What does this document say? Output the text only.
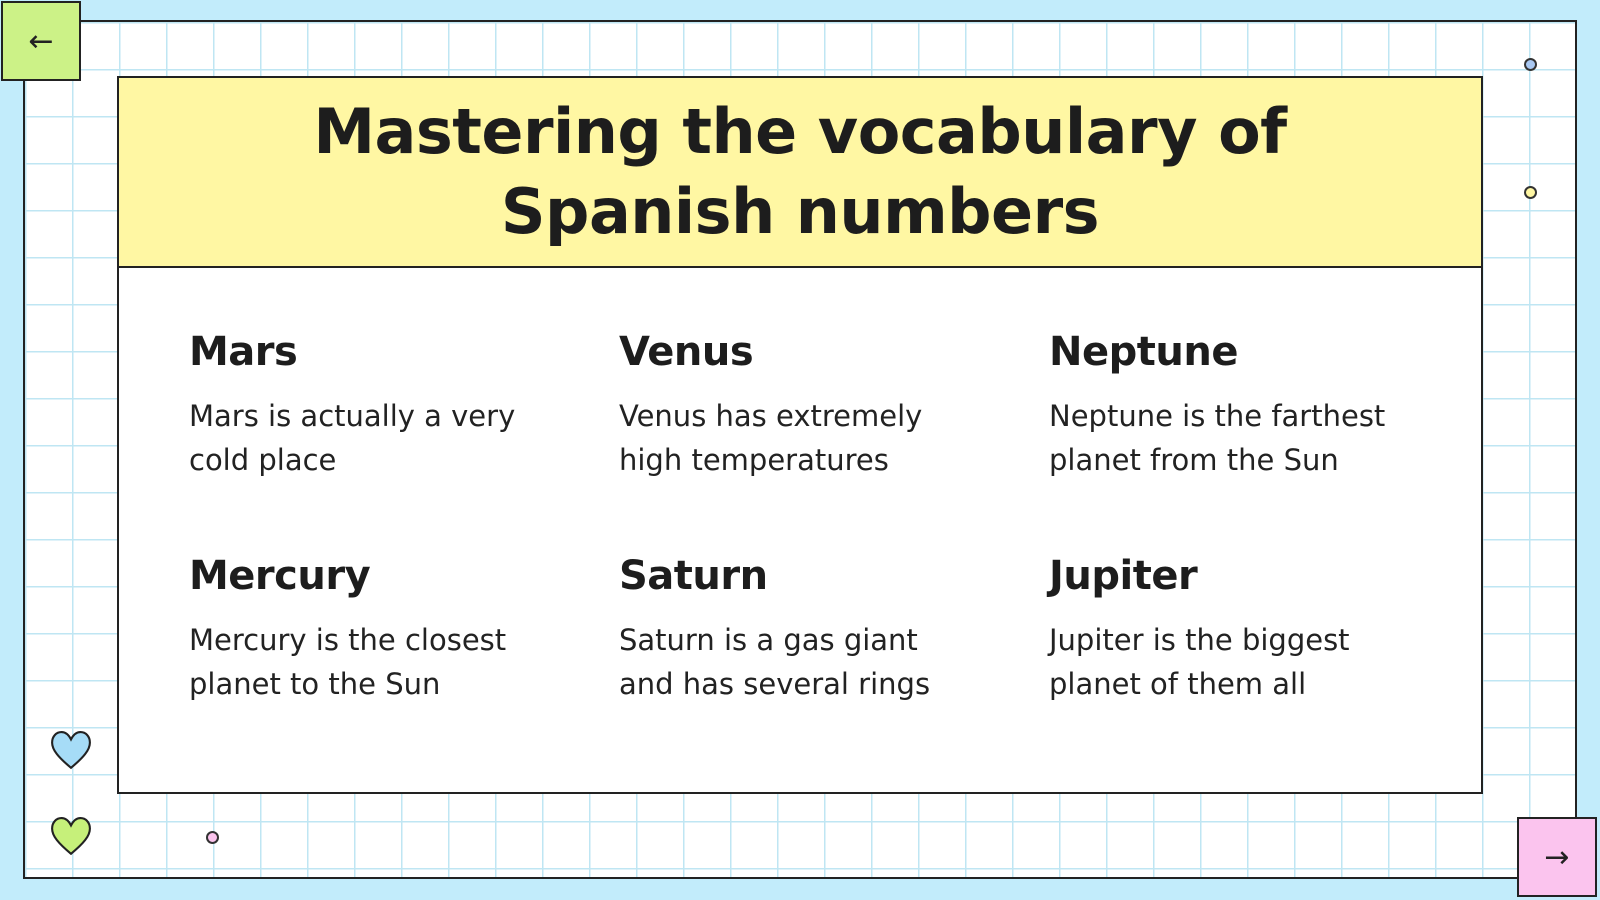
←
Mastering the vocabulary of Spanish numbers
Mars

Mars is actually a very cold place

Venus

Venus has extremely high temperatures

Neptune

Neptune is the farthest planet from the Sun

Mercury

Mercury is the closest planet to the Sun

Saturn

Saturn is a gas giant and has several rings

Jupiter

Jupiter is the biggest planet of them all

→
